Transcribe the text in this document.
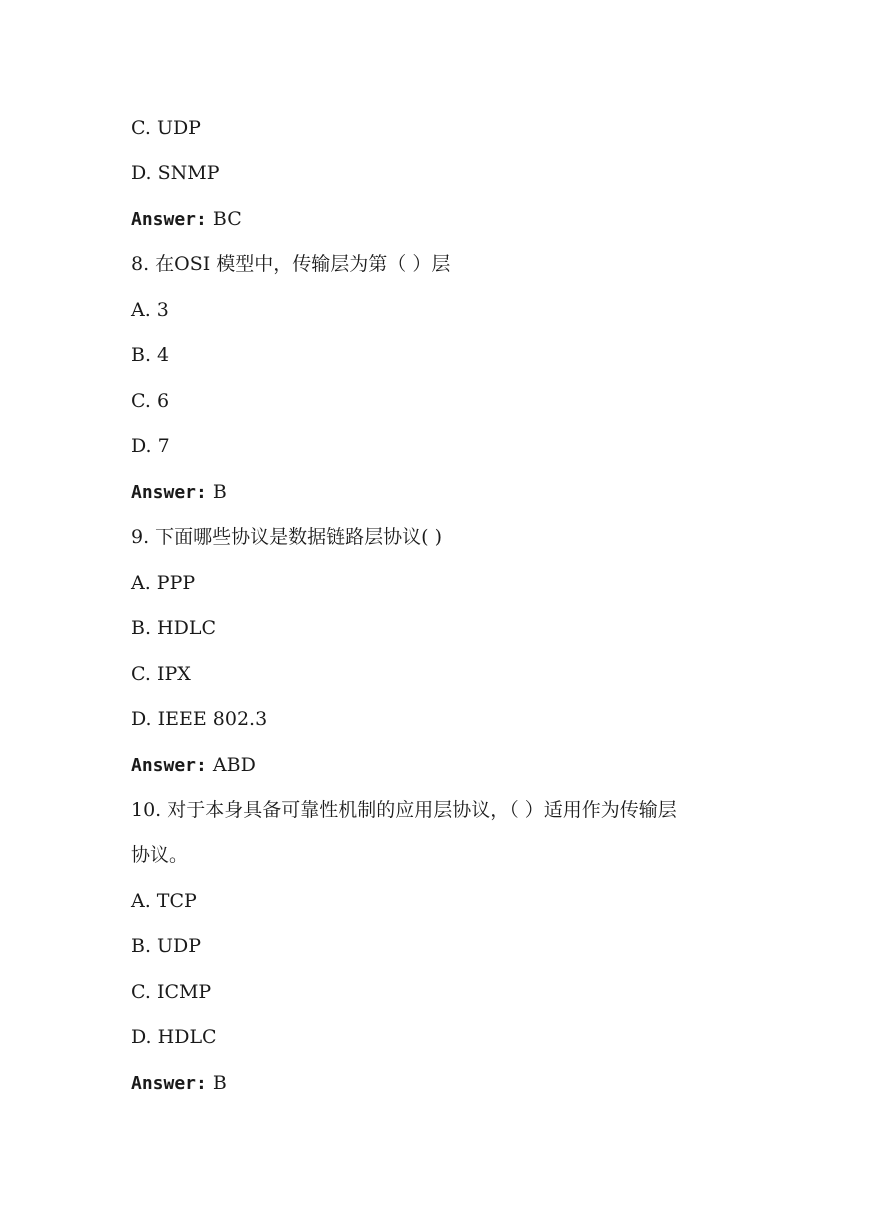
C. UDP
D. SNMP
Answer: BC
8. 在OSI 模型中，传输层为第（ ）层
A. 3
B. 4
C. 6
D. 7
Answer: B
9. 下面哪些协议是数据链路层协议( )
A. PPP
B. HDLC
C. IPX
D. IEEE 802.3
Answer: ABD
10. 对于本身具备可靠性机制的应用层协议，（ ）适用作为传输层
协议。
A. TCP
B. UDP
C. ICMP
D. HDLC
Answer: B
